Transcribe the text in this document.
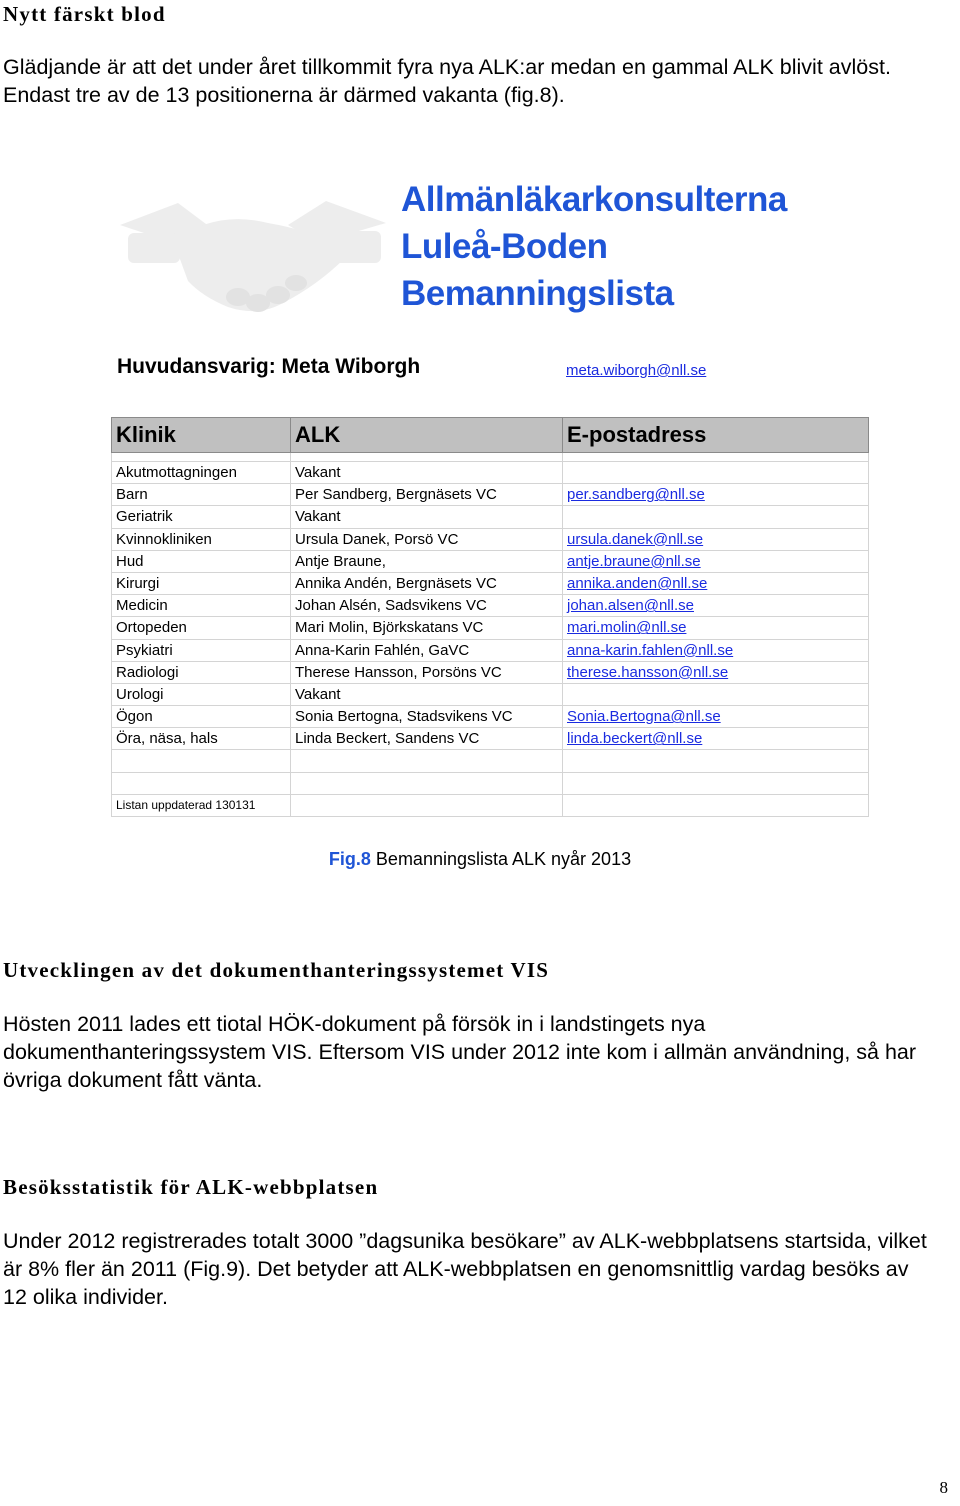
Nytt färskt blod

Glädjande är att det under året tillkommit fyra nya ALK:ar medan en gammal ALK blivit avlöst. Endast tre av de 13 positionerna är därmed vakanta (fig.8).

Allmänläkarkonsulterna
Luleå-Boden
Bemanningslista
Huvudansvarig: Meta Wiborgh	meta.wiborgh@nll.se
Klinik	ALK	E-postadress

Akutmottagningen	Vakant	
Barn	Per Sandberg, Bergnäsets VC	per.sandberg@nll.se
Geriatrik	Vakant	
Kvinnokliniken	Ursula Danek, Porsö VC	ursula.danek@nll.se
Hud	Antje Braune,	antje.braune@nll.se
Kirurgi	Annika Andén, Bergnäsets VC	annika.anden@nll.se
Medicin	Johan Alsén, Sadsvikens VC	johan.alsen@nll.se
Ortopeden	Mari Molin, Björkskatans VC	mari.molin@nll.se
Psykiatri	Anna-Karin Fahlén, GaVC	anna-karin.fahlen@nll.se
Radiologi	Therese Hansson, Porsöns VC	therese.hansson@nll.se
Urologi	Vakant	
Ögon	Sonia Bertogna, Stadsvikens VC	Sonia.Bertogna@nll.se
Öra, näsa, hals	Linda Beckert, Sandens VC	linda.beckert@nll.se

Listan uppdaterad 130131		
Fig.8 Bemanningslista ALK nyår 2013
Utvecklingen av det dokumenthanteringssystemet VIS

Hösten 2011 lades ett tiotal HÖK-dokument på försök in i landstingets nya dokumenthanteringssystem VIS. Eftersom VIS under 2012 inte kom i allmän användning, så har övriga dokument fått vänta.

Besöksstatistik för ALK-webbplatsen

Under 2012 registrerades totalt 3000 ”dagsunika besökare” av ALK-webbplatsens startsida, vilket är 8% fler än 2011 (Fig.9). Det betyder att ALK-webbplatsen en genomsnittlig vardag besöks av 12 olika individer.

8
